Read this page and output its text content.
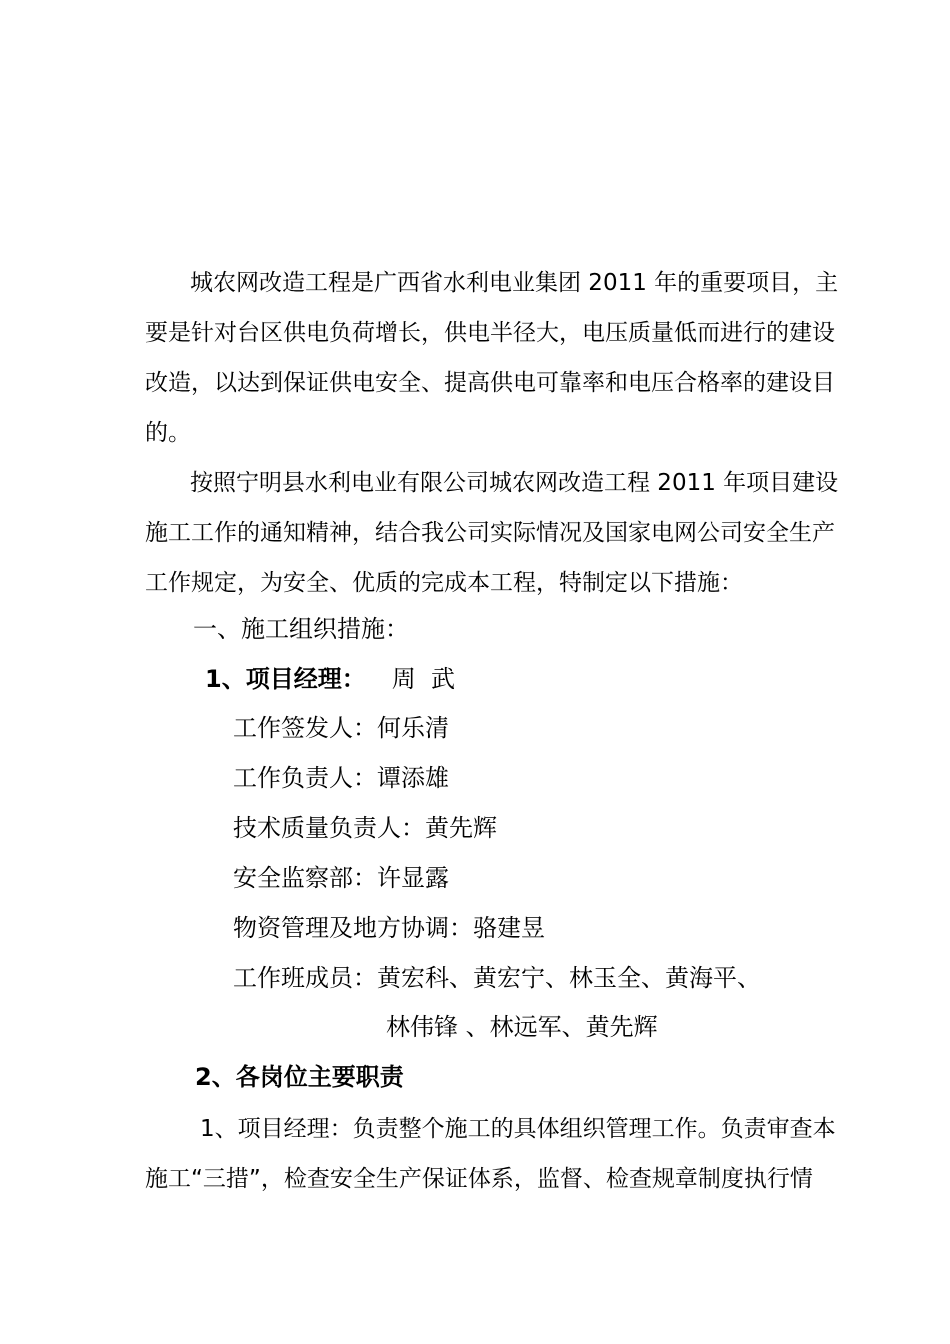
城农网改造工程是广西省水利电业集团 2011 年的重要项目，主
要是针对台区供电负荷增长，供电半径大，电压质量低而进行的建设
改造，以达到保证供电安全、提高供电可靠率和电压合格率的建设目
的。
按照宁明县水利电业有限公司城农网改造工程 2011 年项目建设
施工工作的通知精神，结合我公司实际情况及国家电网公司安全生产
工作规定，为安全、优质的完成本工程，特制定以下措施：
一、施工组织措施：
1、项目经理： 周  武
工作签发人：何乐清
工作负责人：谭添雄
技术质量负责人：黄先辉
安全监察部：许显露
物资管理及地方协调：骆建昱
工作班成员：黄宏科、黄宏宁、林玉全、黄海平、
林伟锋 、林远军、黄先辉
2、各岗位主要职责
1、项目经理：负责整个施工的具体组织管理工作。负责审查本
施工“三措”，检查安全生产保证体系，监督、检查规章制度执行情
